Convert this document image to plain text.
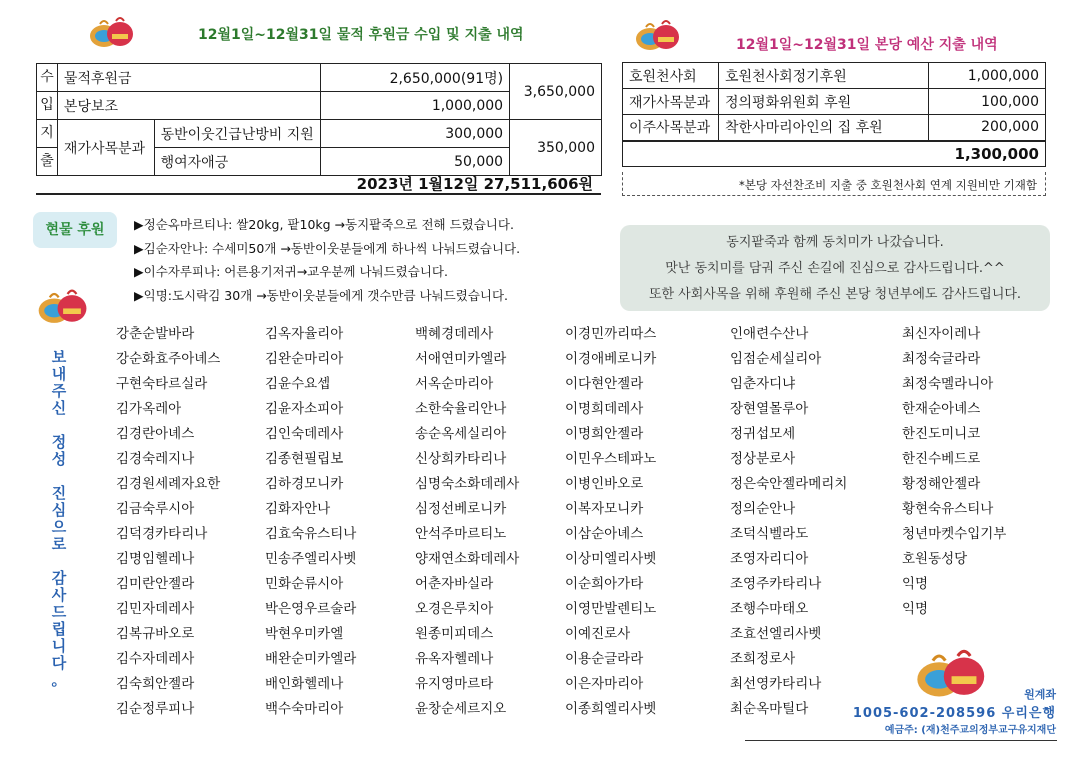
12월1일~12월31일 물적 후원금 수입 및 지출 내역
12월1일~12월31일 본당 예산 지출 내역
수	물적후원금		2,650,000(91명)	3,650,000
입	본당보조		1,000,000	
지	재가사목분과	동반이웃긴급난방비 지원	300,000	350,000
출		행여자애긍	50,000	
2023년 1월12일 27,511,606원
호원천사회	호원천사회정기후원	1,000,000
재가사목분과	정의평화위원회 후원	100,000
이주사목분과	착한사마리아인의 집 후원	200,000
1,300,000		
*본당 자선찬조비 지출 중 호원천사회 연계 지원비만 기재함
현물 후원	▶정순옥마르티나: 쌀20kg, 팥10kg →동지팥죽으로 전해 드렸습니다.
▶김순자안나: 수세미50개 →동반이웃분들에게 하나씩 나눠드렸습니다.
▶이수자루피나: 어른용기저귀→교우분께 나눠드렸습니다.
▶익명:도시락김 30개 →동반이웃분들에게 갯수만큼 나눠드렸습니다.
동지팥죽과 함께 동치미가 나갔습니다.
맛난 동치미를 담궈 주신 손길에 진심으로 감사드립니다.^^
또한 사회사목을 위해 후원해 주신 본당 청년부에도 감사드립니다.
보
내
주
신
정
성
진
심
으
로
감
사
드
립
니
다
。
강춘순발바라	김옥자율리아	백혜경데레사	이경민까리따스	인애련수산나	최신자이레나
강순화효주아녜스	김완순마리아	서애연미카엘라	이경애베로니카	임점순세실리아	최정숙글라라
구현숙타르실라	김윤수요셉	서옥순마리아	이다현안젤라	임춘자디냐	최정숙멜라니아
김가옥레아	김윤자소피아	소한숙율리안나	이명희데레사	장현열몰루아	한재순아녜스
김경란아녜스	김인숙데레사	송순옥세실리아	이명희안젤라	정귀섭모세	한진도미니코
김경숙레지나	김종현필립보	신상희카타리나	이민우스테파노	정상분로사	한진수베드로
김경원세례자요한	김하경모니카	심명숙소화데레사	이병인바오로	정은숙안젤라메리치	황정해안젤라
김금숙루시아	김화자안나	심정선베로니카	이복자모니카	정의순안나	황현숙유스티나
김덕경카타리나	김효숙유스티나	안석주마르티노	이삼순아녜스	조덕식벨라도	청년마켓수입기부
김명임헬레나	민송주엘리사벳	양재연소화데레사	이상미엘리사벳	조영자리디아	호원동성당
김미란안젤라	민화순류시아	어춘자바실라	이순희아가타	조영주카타리나	익명
김민자데레사	박은영우르술라	오경은루치아	이영만발렌티노	조행수마태오	익명
김복규바오로	박현우미카엘	원종미피데스	이예진로사	조효선엘리사벳
김수자데레사	배완순미카엘라	유옥자헬레나	이용순글라라	조희정로사
김숙희안젤라	배인화헬레나	유지영마르타	이은자마리아	최선영카타리나
김순정루피나	백수숙마리아	윤창순세르지오	이종희엘리사벳	최순옥마틸다
원계좌
1005-602-208596 우리은행
예금주: (재)천주교의정부교구유지재단
